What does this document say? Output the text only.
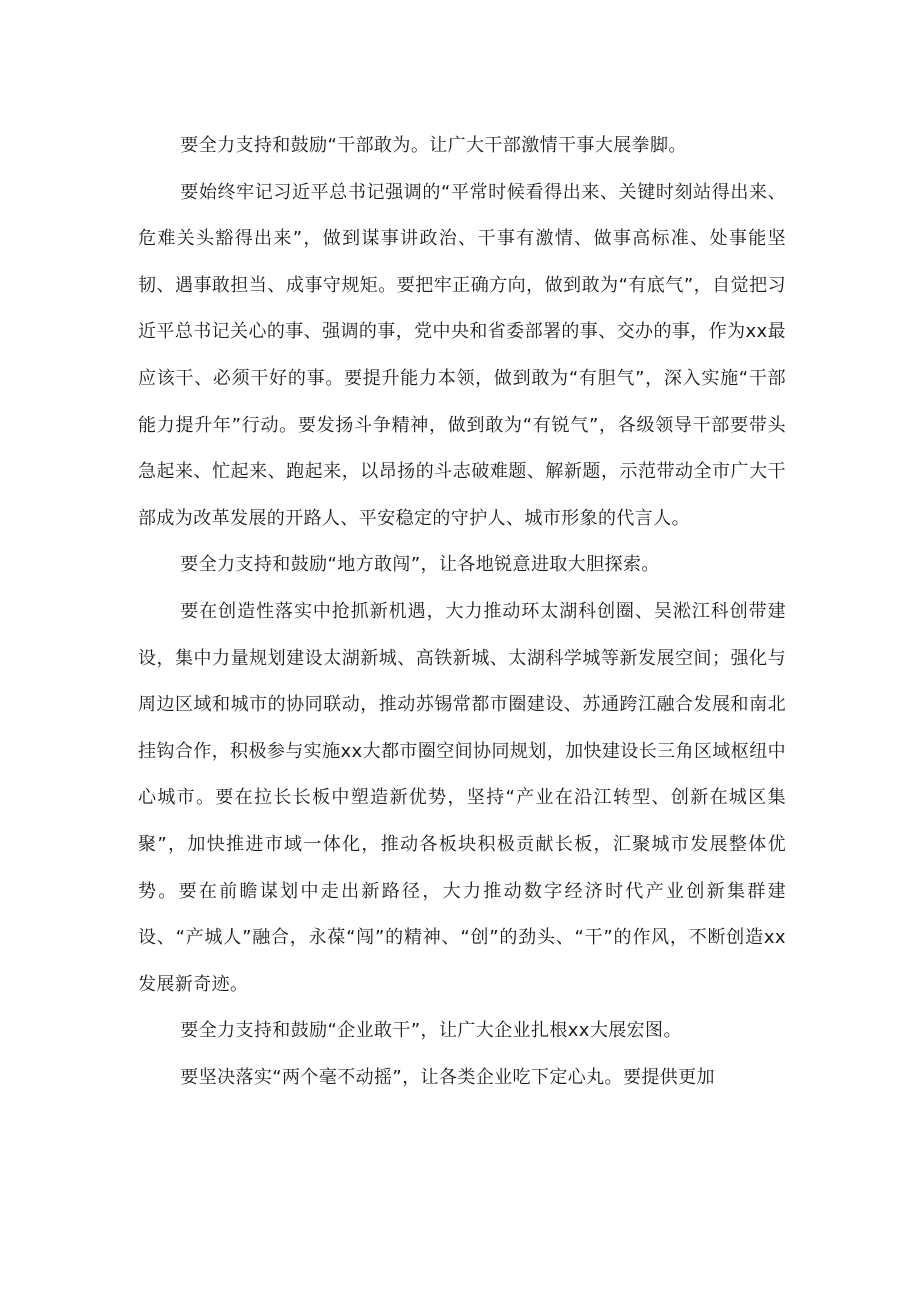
要全力支持和鼓励“干部敢为。让广大干部激情干事大展拳脚。

要始终牢记习近平总书记强调的“平常时候看得出来、关键时刻站得出来、危难关头豁得出来”，做到谋事讲政治、干事有激情、做事高标准、处事能坚韧、遇事敢担当、成事守规矩。要把牢正确方向，做到敢为“有底气”，自觉把习近平总书记关心的事、强调的事，党中央和省委部署的事、交办的事，作为xx最应该干、必须干好的事。要提升能力本领，做到敢为“有胆气”，深入实施“干部能力提升年”行动。要发扬斗争精神，做到敢为“有锐气”，各级领导干部要带头急起来、忙起来、跑起来，以昂扬的斗志破难题、解新题，示范带动全市广大干部成为改革发展的开路人、平安稳定的守护人、城市形象的代言人。

要全力支持和鼓励“地方敢闯”，让各地锐意进取大胆探索。

要在创造性落实中抢抓新机遇，大力推动环太湖科创圈、吴淞江科创带建设，集中力量规划建设太湖新城、高铁新城、太湖科学城等新发展空间；强化与周边区域和城市的协同联动，推动苏锡常都市圈建设、苏通跨江融合发展和南北挂钩合作，积极参与实施xx大都市圈空间协同规划，加快建设长三角区域枢纽中心城市。要在拉长长板中塑造新优势，坚持“产业在沿江转型、创新在城区集聚”，加快推进市域一体化，推动各板块积极贡献长板，汇聚城市发展整体优势。要在前瞻谋划中走出新路径，大力推动数字经济时代产业创新集群建设、“产城人”融合，永葆“闯”的精神、“创”的劲头、“干”的作风，不断创造xx发展新奇迹。

要全力支持和鼓励“企业敢干”，让广大企业扎根xx大展宏图。

要坚决落实“两个毫不动摇”，让各类企业吃下定心丸。要提供更加
